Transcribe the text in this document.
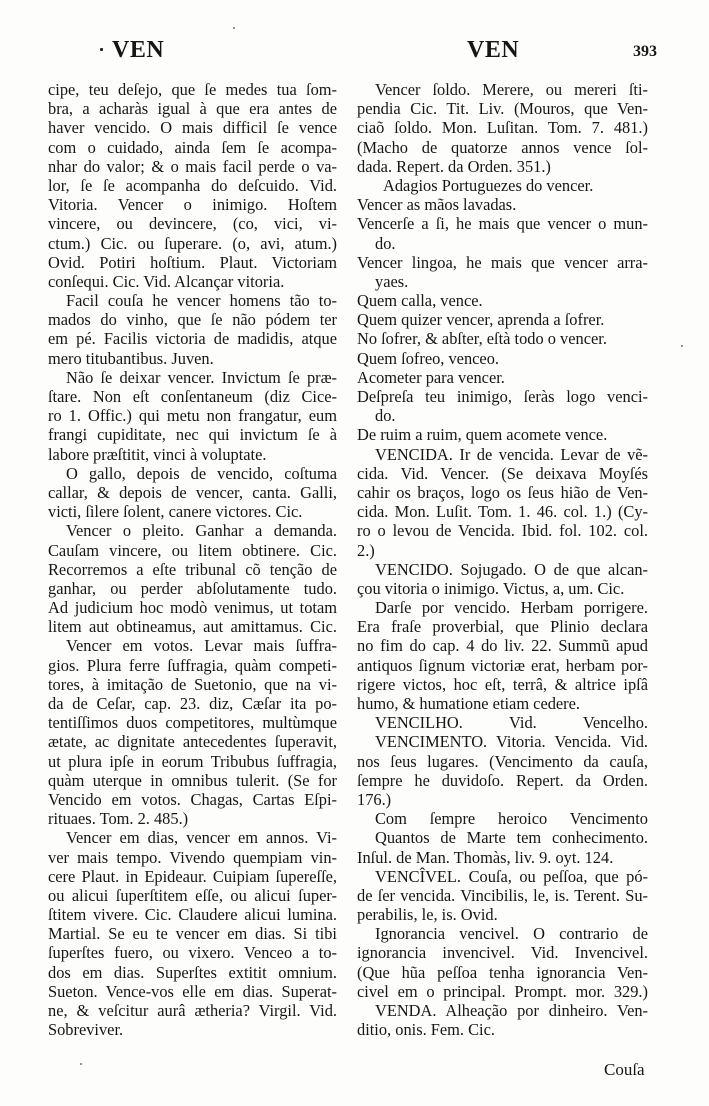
VEN	VEN	393
cipe, teu deſejo, que ſe medes tua ſom-
bra, a acharàs igual à que era antes de
haver vencido. O mais difficil ſe vence
com o cuidado, ainda ſem ſe acompa-
nhar do valor; & o mais facil perde o va-
lor, ſe ſe acompanha do deſcuido. Vid.
Vitoria. Vencer o inimigo. Hoſtem
vincere, ou devincere, (co, vici, vi-
ctum.) Cic. ou ſuperare. (o, avi, atum.)
Ovid. Potiri hoſtium. Plaut. Victoriam
conſequi. Cic. Vid. Alcançar vitoria.
Facil couſa he vencer homens tão to-
mados do vinho, que ſe não pódem ter
em pé. Facilis victoria de madidis, atque
mero titubantibus. Juven.
Não ſe deixar vencer. Invictum ſe præ-
ſtare. Non eſt conſentaneum (diz Cice-
ro 1. Offic.) qui metu non frangatur, eum
frangi cupiditate, nec qui invictum ſe à
labore præſtitit, vinci à voluptate.
O gallo, depois de vencido, coſtuma
callar, & depois de vencer, canta. Galli,
victi, ſilere ſolent, canere victores. Cic.
Vencer o pleito. Ganhar a demanda.
Cauſam vincere, ou litem obtinere. Cic.
Recorremos a eſte tribunal cõ tenção de
ganhar, ou perder abſolutamente tudo.
Ad judicium hoc modò venimus, ut totam
litem aut obtineamus, aut amittamus. Cic.
Vencer em votos. Levar mais ſuffra-
gios. Plura ferre ſuffragia, quàm competi-
tores, à imitação de Suetonio, que na vi-
da de Ceſar, cap. 23. diz, Cæſar ita po-
tentiſſimos duos competitores, multùmque
ætate, ac dignitate antecedentes ſuperavit,
ut plura ipſe in eorum Tribubus ſuffragia,
quàm uterque in omnibus tulerit. (Se for
Vencido em votos. Chagas, Cartas Eſpi-
rituaes. Tom. 2. 485.)
Vencer em dias, vencer em annos. Vi-
ver mais tempo. Vivendo quempiam vin-
cere Plaut. in Epideaur. Cuipiam ſupereſſe,
ou alicui ſuperſtitem eſſe, ou alicui ſuper-
ſtitem vivere. Cic. Claudere alicui lumina.
Martial. Se eu te vencer em dias. Si tibi
ſuperſtes fuero, ou vixero. Venceo a to-
dos em dias. Superſtes extitit omnium.
Sueton. Vence-vos elle em dias. Superat-
ne, & veſcitur aurâ ætheria? Virgil. Vid.
Sobreviver.
Vencer ſoldo. Merere, ou mereri ſti-
pendia Cic. Tit. Liv. (Mouros, que Ven-
ciaõ ſoldo. Mon. Luſitan. Tom. 7. 481.)
(Macho de quatorze annos vence ſol-
dada. Repert. da Orden. 351.)
Adagios Portuguezes do vencer.
Vencer as mãos lavadas.
Vencerſe a ſi, he mais que vencer o mun-
do.
Vencer lingoa, he mais que vencer arra-
yaes.
Quem calla, vence.
Quem quizer vencer, aprenda a ſofrer.
No ſofrer, & abſter, eſtà todo o vencer.
Quem ſofreo, venceo.
Acometer para vencer.
Deſpreſa teu inimigo, ſeràs logo venci-
do.
De ruim a ruim, quem acomete vence.
VENCIDA. Ir de vencida. Levar de vẽ-
cida. Vid. Vencer. (Se deixava Moyſés
cahir os braços, logo os ſeus hião de Ven-
cida. Mon. Luſit. Tom. 1. 46. col. 1.) (Cy-
ro o levou de Vencida. Ibid. fol. 102. col.
2.)
VENCIDO. Sojugado. O de que alcan-
çou vitoria o inimigo. Victus, a, um. Cic.
Darſe por vencido. Herbam porrigere.
Era fraſe proverbial, que Plinio declara
no fim do cap. 4 do liv. 22. Summũ apud
antiquos ſignum victoriæ erat, herbam por-
rigere victos, hoc eſt, terrâ, & altrice ipſâ
humo, & humatione etiam cedere.
VENCILHO. Vid. Vencelho.
VENCIMENTO. Vitoria. Vencida. Vid.
nos ſeus lugares. (Vencimento da cauſa,
ſempre he duvidoſo. Repert. da Orden.
176.)
Com ſempre heroico Vencimento
Quantos de Marte tem conhecimento.
Inſul. de Man. Thomàs, liv. 9. oyt. 124.
VENCÎVEL. Couſa, ou peſſoa, que pó-
de ſer vencida. Vincibilis, le, is. Terent. Su-
perabilis, le, is. Ovid.
Ignorancia vencivel. O contrario de
ignorancia invencivel. Vid. Invencivel.
(Que hũa peſſoa tenha ignorancia Ven-
civel em o principal. Prompt. mor. 329.)
VENDA. Alheação por dinheiro. Ven-
ditio, onis. Fem. Cic.
Couſa
